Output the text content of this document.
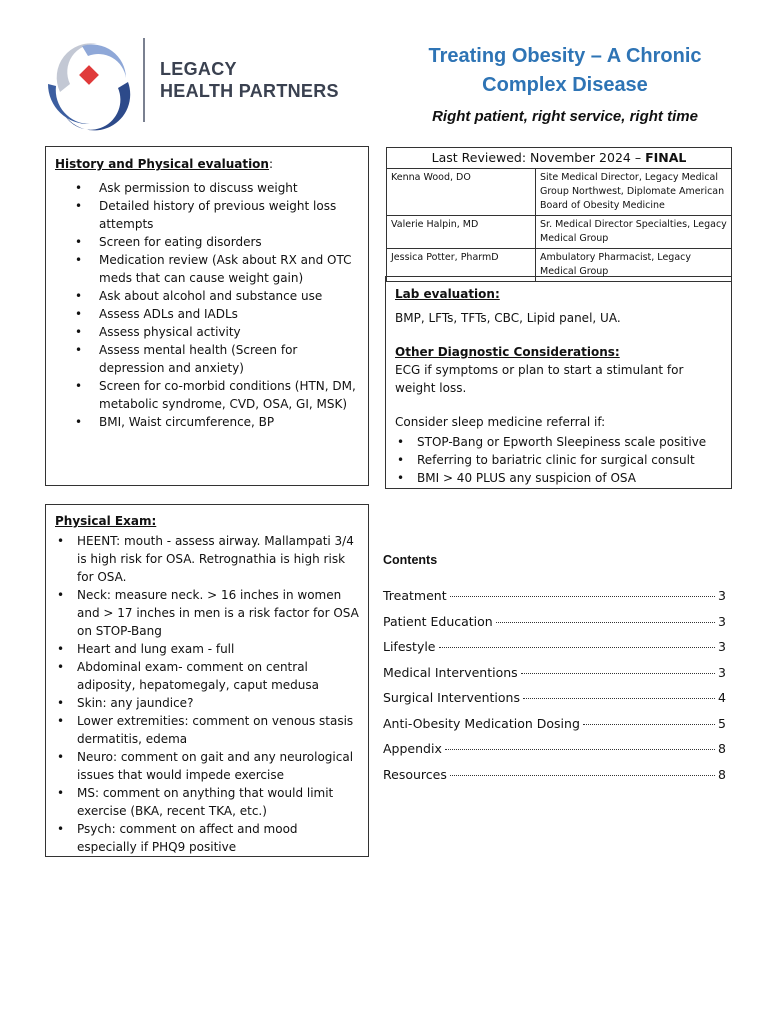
LEGACY
HEALTH PARTNERS
Treating Obesity – A Chronic
Complex Disease
Right patient, right service, right time
History and Physical evaluation:
• Ask permission to discuss weight
• Detailed history of previous weight loss attempts
• Screen for eating disorders
• Medication review (Ask about RX and OTC meds that can cause weight gain)
• Ask about alcohol and substance use
• Assess ADLs and IADLs
• Assess physical activity
• Assess mental health (Screen for depression and anxiety)
• Screen for co-morbid conditions (HTN, DM, metabolic syndrome, CVD, OSA, GI, MSK)
• BMI, Waist circumference, BP
Last Reviewed: November 2024 – FINAL	
Kenna Wood, DO	Site Medical Director, Legacy Medical Group Northwest, Diplomate American Board of Obesity Medicine
Valerie Halpin, MD	Sr. Medical Director Specialties, Legacy Medical Group
Jessica Potter, PharmD	Ambulatory Pharmacist, Legacy Medical Group

Lab evaluation:

BMP, LFTs, TFTs, CBC, Lipid panel, UA.

Other Diagnostic Considerations:

ECG if symptoms or plan to start a stimulant for weight loss.

Consider sleep medicine referral if:

• STOP-Bang or Epworth Sleepiness scale positive
• Referring to bariatric clinic for surgical consult
• BMI > 40 PLUS any suspicion of OSA
Physical Exam:
• HEENT: mouth - assess airway. Mallampati 3/4 is high risk for OSA. Retrognathia is high risk for OSA.
• Neck: measure neck. > 16 inches in women and > 17 inches in men is a risk factor for OSA on STOP-Bang
• Heart and lung exam - full
• Abdominal exam- comment on central adiposity, hepatomegaly, caput medusa
• Skin: any jaundice?
• Lower extremities: comment on venous stasis dermatitis, edema
• Neuro: comment on gait and any neurological issues that would impede exercise
• MS: comment on anything that would limit exercise (BKA, recent TKA, etc.)
• Psych: comment on affect and mood especially if PHQ9 positive
Contents
Treatment	3
Patient Education	3
Lifestyle	3
Medical Interventions	3
Surgical Interventions	4
Anti-Obesity Medication Dosing	5
Appendix	8
Resources	8
